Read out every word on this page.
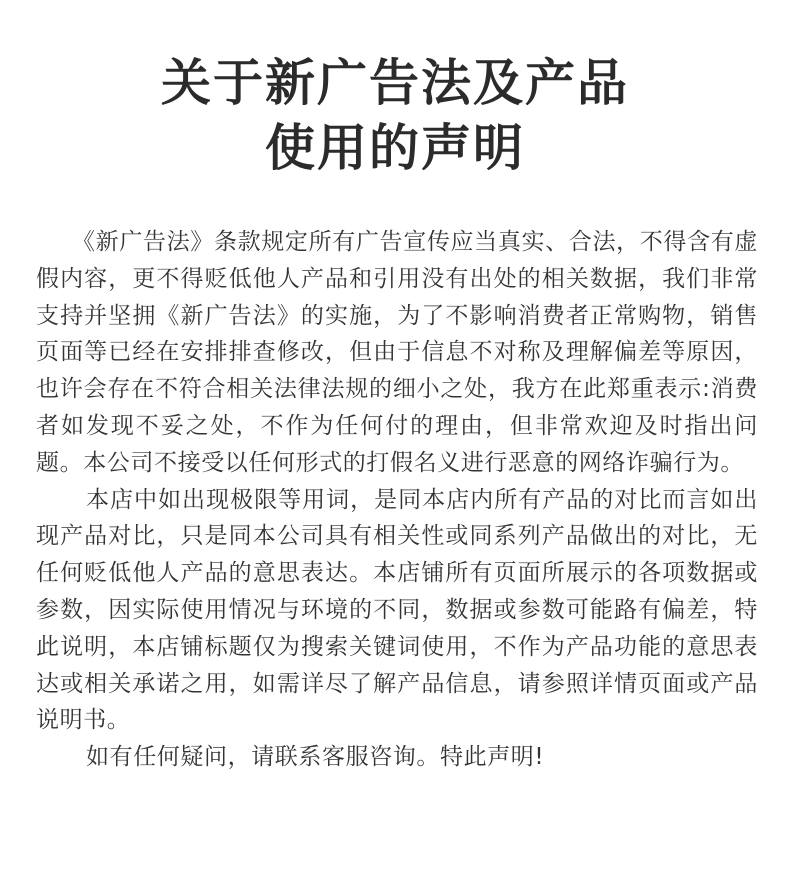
关于新广告法及产品
使用的声明

《新广告法》条款规定所有广告宣传应当真实、合法，不得含有虚假内容，更不得贬低他人产品和引用没有出处的相关数据，我们非常支持并坚拥《新广告法》的实施，为了不影响消费者正常购物，销售页面等已经在安排排查修改，但由于信息不对称及理解偏差等原因，也许会存在不符合相关法律法规的细小之处，我方在此郑重表示:消费者如发现不妥之处，不作为任何付的理由，但非常欢迎及时指出问题。本公司不接受以任何形式的打假名义进行恶意的网络诈骗行为。

本店中如出现极限等用词，是同本店内所有产品的对比而言如出现产品对比，只是同本公司具有相关性或同系列产品做出的对比，无任何贬低他人产品的意思表达。本店铺所有页面所展示的各项数据或参数，因实际使用情况与环境的不同，数据或参数可能路有偏差，特此说明，本店铺标题仅为搜索关键词使用，不作为产品功能的意思表达或相关承诺之用，如需详尽了解产品信息，请参照详情页面或产品说明书。

如有任何疑问，请联系客服咨询。特此声明!
